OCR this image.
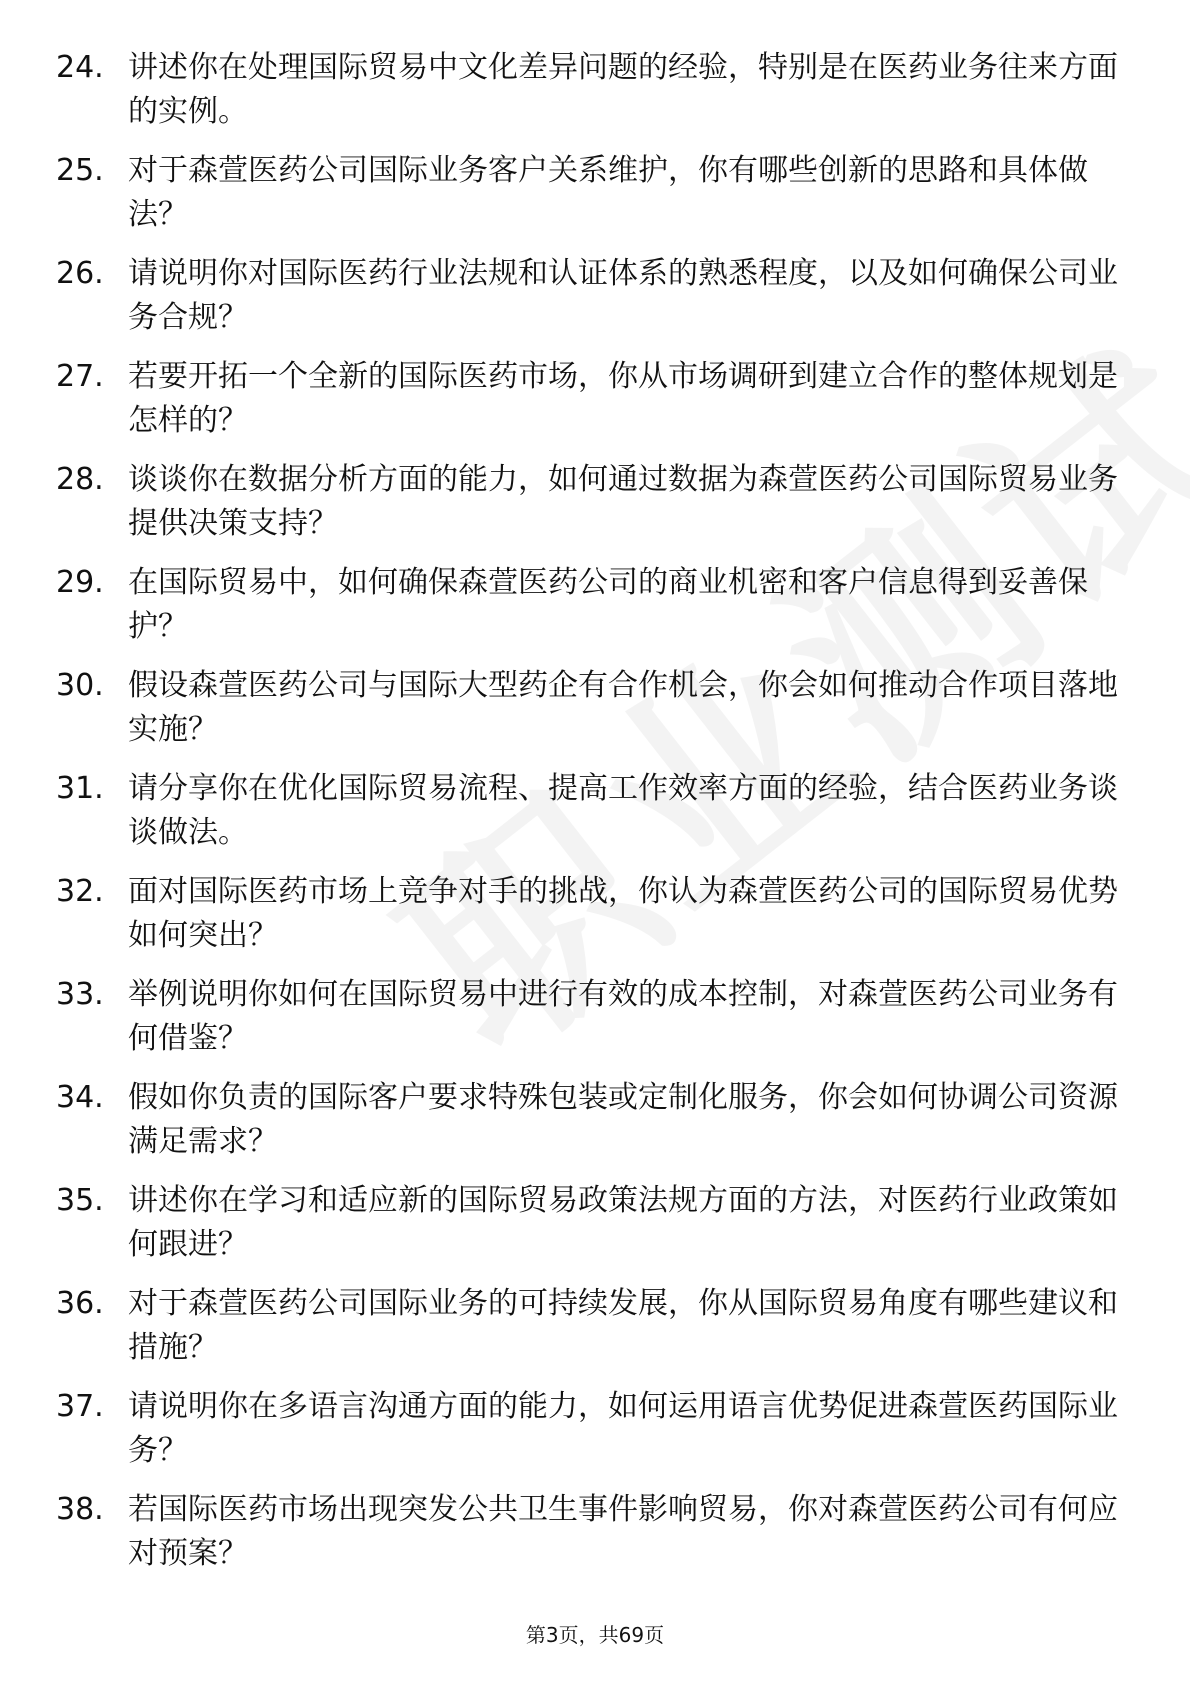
24. 讲述你在处理国际贸易中文化差异问题的经验，特别是在医药业务往来方面的实例。
25. 对于森萱医药公司国际业务客户关系维护，你有哪些创新的思路和具体做法？
26. 请说明你对国际医药行业法规和认证体系的熟悉程度，以及如何确保公司业务合规？
27. 若要开拓一个全新的国际医药市场，你从市场调研到建立合作的整体规划是怎样的？
28. 谈谈你在数据分析方面的能力，如何通过数据为森萱医药公司国际贸易业务提供决策支持？
29. 在国际贸易中，如何确保森萱医药公司的商业机密和客户信息得到妥善保护？
30. 假设森萱医药公司与国际大型药企有合作机会，你会如何推动合作项目落地实施？
31. 请分享你在优化国际贸易流程、提高工作效率方面的经验，结合医药业务谈谈做法。
32. 面对国际医药市场上竞争对手的挑战，你认为森萱医药公司的国际贸易优势如何突出？
33. 举例说明你如何在国际贸易中进行有效的成本控制，对森萱医药公司业务有何借鉴？
34. 假如你负责的国际客户要求特殊包装或定制化服务，你会如何协调公司资源满足需求？
35. 讲述你在学习和适应新的国际贸易政策法规方面的方法，对医药行业政策如何跟进？
36. 对于森萱医药公司国际业务的可持续发展，你从国际贸易角度有哪些建议和措施？
37. 请说明你在多语言沟通方面的能力，如何运用语言优势促进森萱医药国际业务？
38. 若国际医药市场出现突发公共卫生事件影响贸易，你对森萱医药公司有何应对预案？
第3页，共69页
